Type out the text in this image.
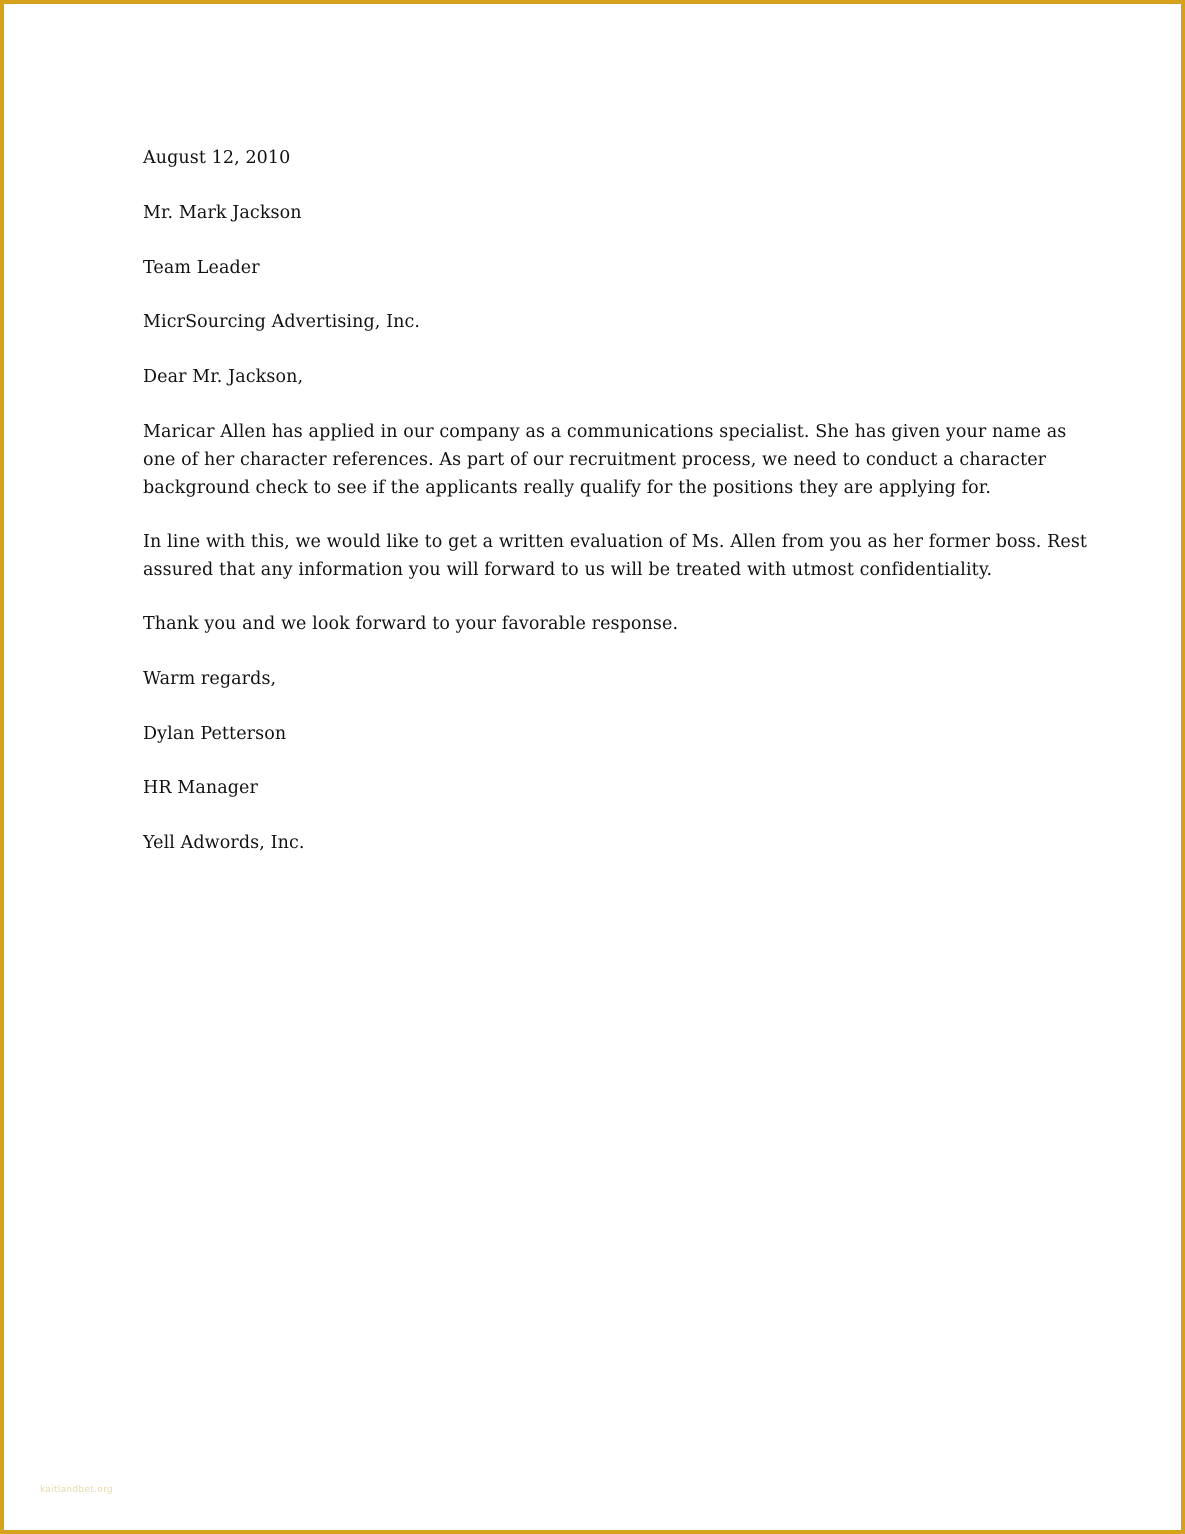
August 12, 2010
Mr. Mark Jackson
Team Leader
MicrSourcing Advertising, Inc.
Dear Mr. Jackson,
Maricar Allen has applied in our company as a communications specialist. She has given your name as
one of her character references. As part of our recruitment process, we need to conduct a character
background check to see if the applicants really qualify for the positions they are applying for.
In line with this, we would like to get a written evaluation of Ms. Allen from you as her former boss. Rest
assured that any information you will forward to us will be treated with utmost confidentiality.
Thank you and we look forward to your favorable response.
Warm regards,
Dylan Petterson
HR Manager
Yell Adwords, Inc.
kaitlandbet.org
